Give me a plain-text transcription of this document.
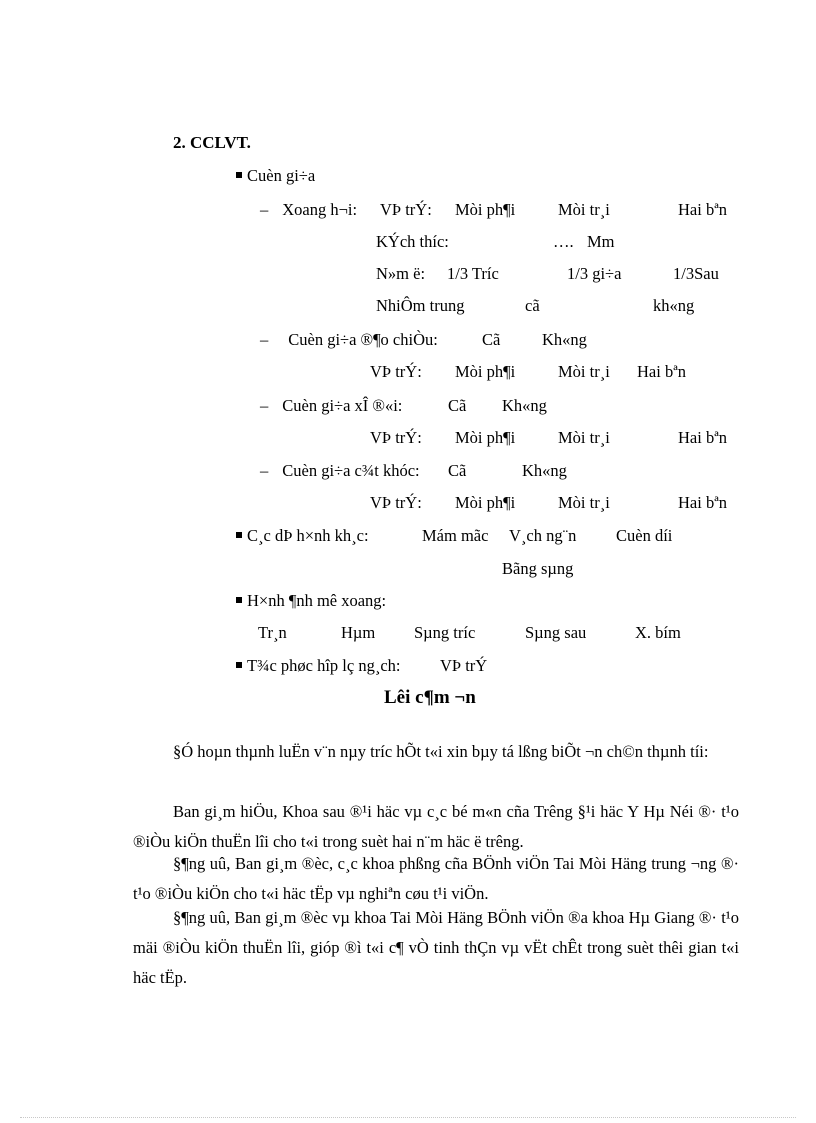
2. CCLVT.
Cuèn gi÷a
– Xoang h¬i: VÞ trÝ: Mòi ph¶i	Mòi tr¸i	Hai bªn
KÝch thíc:	…. Mm
N»m ë: 1/3 Tríc	1/3 gi÷a	1/3Sau
NhiÔm trung	cã	kh«ng
– Cuèn gi÷a ®¶o chiÒu:	Cã	Kh«ng
VÞ trÝ: Mòi ph¶i	Mòi tr¸i Hai bªn
– Cuèn gi÷a xÎ ®«i:	Cã Kh«ng
VÞ trÝ: Mòi ph¶i	Mòi tr¸i	Hai bªn
– Cuèn gi÷a c¾t khóc: Cã	Kh«ng
VÞ trÝ: Mòi ph¶i	Mòi tr¸i	Hai bªn
C¸c dÞ h×nh kh¸c:	Mám mãc V¸ch ng¨n Cuèn díi
Bãng sµng
H×nh ¶nh mê xoang:
Tr¸n	Hµm Sµng tríc	Sµng sau	X. bím
T¾c phøc hîp lç ng¸ch: VÞ trÝ
Lêi c¶m ¬n
§Ó hoµn thµnh luËn v¨n nµy tríc hÕt t«i xin bµy tá lßng biÕt ¬n ch©n thµnh tíi:
Ban gi¸m hiÖu, Khoa sau ®¹i häc vµ c¸c bé m«n cña Trêng §¹i häc Y Hµ Néi ®· t¹o ®iÒu kiÖn thuËn lîi cho t«i trong suèt hai n¨m häc ë trêng.
§¶ng uû, Ban gi¸m ®èc, c¸c khoa phßng cña BÖnh viÖn Tai Mòi Häng trung ¬ng ®· t¹o ®iÒu kiÖn cho t«i häc tËp vµ nghiªn cøu t¹i viÖn.
§¶ng uû, Ban gi¸m ®èc vµ khoa Tai Mòi Häng BÖnh viÖn ®a khoa Hµ Giang ®· t¹o mäi ®iÒu kiÖn thuËn lîi, gióp ®ì t«i c¶ vÒ tinh thÇn vµ vËt chÊt trong suèt thêi gian t«i häc tËp.
